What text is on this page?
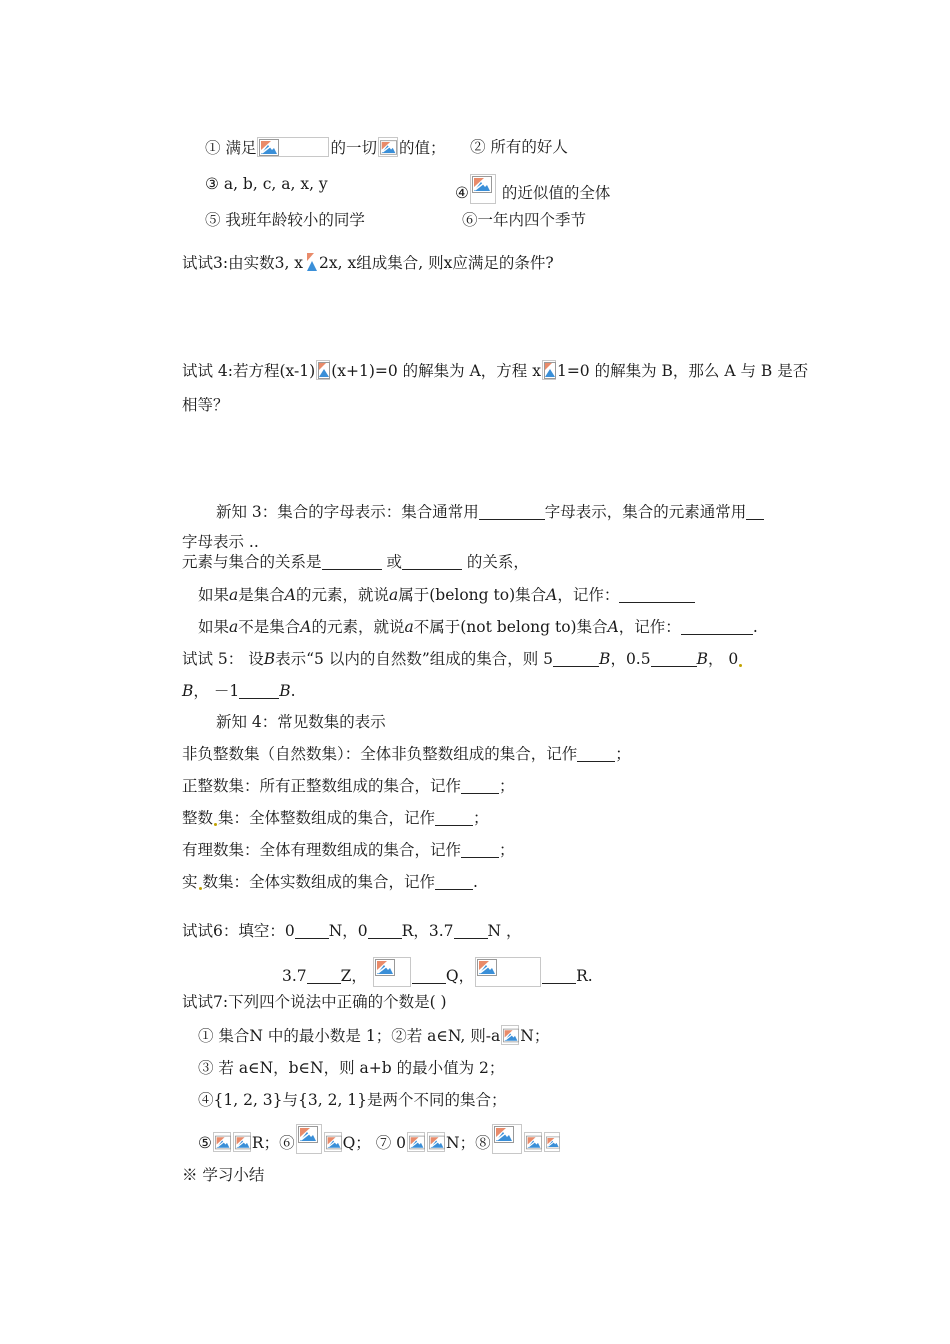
① 满足	的一切 的值； ② 所有的好人
③ a, b, c, a, x, y	④ 的近似值的全体
⑤ 我班年龄较小的同学	⑥一年内四个季节
试试3:由实数3, x 2x, x组成集合, 则x应满足的条件?
试试 4:若方程(x-1) (x+1)=0 的解集为 A，方程 x 1=0 的解集为 B，那么 A 与 B 是否
相等？
新知 3：集合的字母表示：集合通常用	字母表示，集合的元素通常用
字母表示 ..
元素与集合的关系是	或	的关系，
如果a是集合A的元素，就说a属于(belong to)集合A，记作：
如果a不是集合A的元素，就说a不属于(not belong to)集合A，记作：	.
试试 5： 设B表示“5 以内的自然数”组成的集合，则 5	B，0.5	B， 0
B， －1	B.
新知 4：常见数集的表示
非负整数集（自然数集）：全体非负整数组成的集合，记作 ；
正整数集：所有正整数组成的集合，记作 ；
整数 集：全体整数组成的集合，记作 ；
有理数集：全体有理数组成的集合，记作 ；
实 数集：全体实数组成的集合，记作 .
试试6：填空：0 N，0 R，3.7 N ，
3.7 Z，	Q，	R.
试试7:下列四个说法中正确的个数是( )
① 集合N 中的最小数是 1；②若 a∈N, 则-a N；
③ 若 a∈N，b∈N，则 a+b 的最小值为 2；
④{1, 2, 3}与{3, 2, 1}是两个不同的集合；
⑤	R；⑥	Q； ⑦ 0	N；⑧
※ 学习小结
